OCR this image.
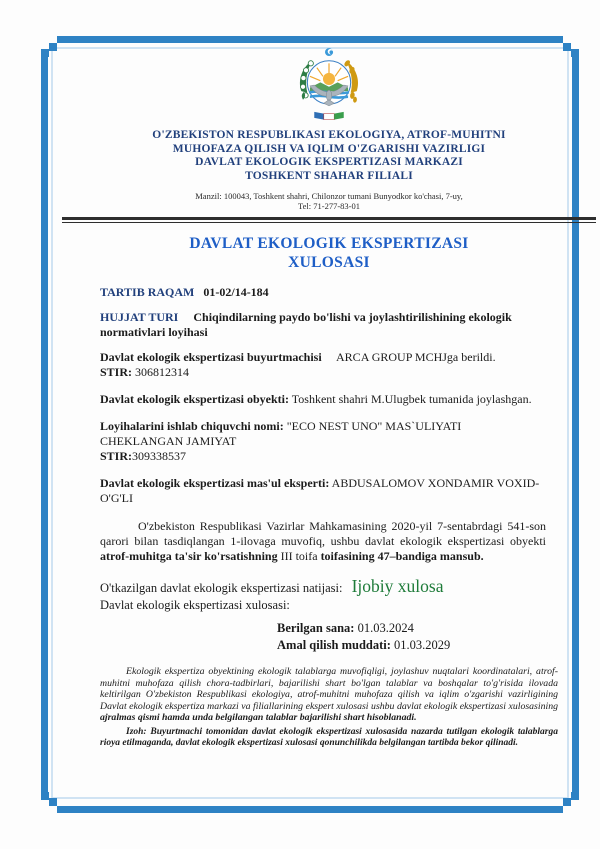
O'ZBEKISTON RESPUBLIKASI EKOLOGIYA, ATROF-MUHITNI
MUHOFAZA QILISH VA IQLIM O'ZGARISHI VAZIRLIGI
DAVLAT EKOLOGIK EKSPERTIZASI MARKAZI
TOSHKENT SHAHAR FILIALI
Manzil: 100043, Toshkent shahri, Chilonzor tumani Bunyodkor ko'chasi, 7-uy,
Tel: 71-277-83-01
DAVLAT EKOLOGIK EKSPERTIZASI
XULOSASI

TARTIB RAQAM 01-02/14-184

HUJJAT TURI Chiqindilarning paydo bo'lishi va joylashtirilishining ekologik normativlari loyihasi

Davlat ekologik ekspertizasi buyurtmachisi ARCA GROUP MCHJga berildi.
STIR: 306812314

Davlat ekologik ekspertizasi obyekti: Toshkent shahri M.Ulugbek tumanida joylashgan.

Loyihalarini ishlab chiquvchi nomi: "ECO NEST UNO" MAS`ULIYATI CHEKLANGAN JAMIYAT
STIR:309338537

Davlat ekologik ekspertizasi mas'ul eksperti: ABDUSALOMOV XONDAMIR VOXID-O'G'LI

O'zbekiston Respublikasi Vazirlar Mahkamasining 2020-yil 7-sentabrdagi 541-son qarori bilan tasdiqlangan 1-ilovaga muvofiq, ushbu davlat ekologik ekspertizasi obyekti atrof-muhitga ta'sir ko'rsatishning III toifa toifasining 47–bandiga mansub.

O'tkazilgan davlat ekologik ekspertizasi natijasi: Ijobiy xulosa

Davlat ekologik ekspertizasi xulosasi:

Berilgan sana: 01.03.2024
Amal qilish muddati: 01.03.2029

Ekologik ekspertiza obyektining ekologik talablarga muvofiqligi, joylashuv nuqtalari koordinatalari, atrof-muhitni muhofaza qilish chora-tadbirlari, bajarilishi shart bo'lgan talablar va boshqalar to'g'risida ilovada keltirilgan O'zbekiston Respublikasi ekologiya, atrof-muhitni muhofaza qilish va iqlim o'zgarishi vazirligining Davlat ekologik ekspertiza markazi va filiallarining ekspert xulosasi ushbu davlat ekologik ekspertizasi xulosasining ajralmas qismi hamda unda belgilangan talablar bajarilishi shart hisoblanadi.

Izoh: Buyurtmachi tomonidan davlat ekologik ekspertizasi xulosasida nazarda tutilgan ekologik talablarga rioya etilmaganda, davlat ekologik ekspertizasi xulosasi qonunchilikda belgilangan tartibda bekor qilinadi.
